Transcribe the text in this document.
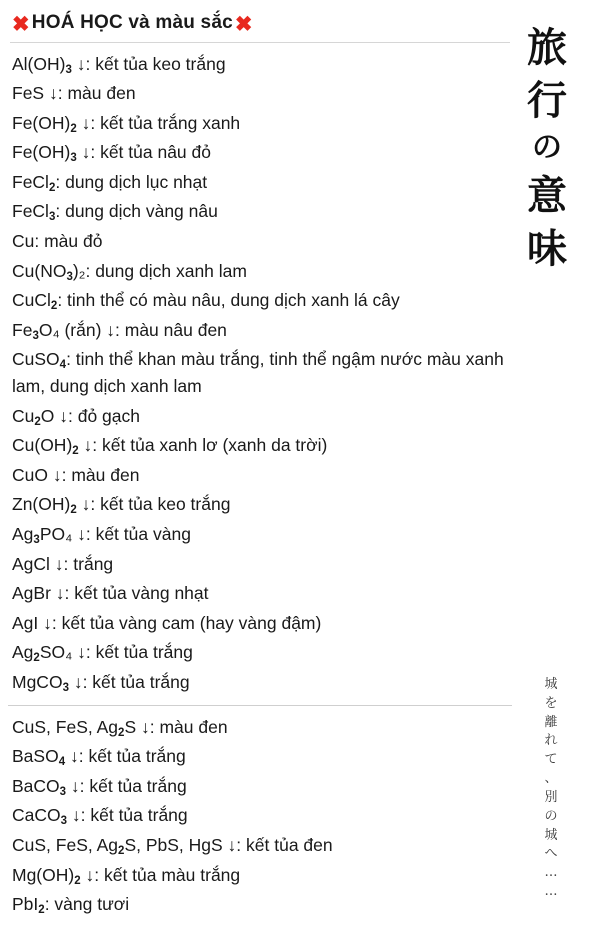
✖ HOÁ HỌC và màu sắc ✖
$Al(OH)_3$ ↓: kết tủa keo trắng
FeS ↓: màu đen
$Fe(OH)_2$ ↓: kết tủa trắng xanh
$Fe(OH)_3$ ↓: kết tủa nâu đỏ
FeCl$_2$: dung dịch lục nhạt
FeCl$_3$: dung dịch vàng nâu
Cu: màu đỏ
$Cu(NO_3)_2$: dung dịch xanh lam
CuCl$_2$: tinh thể có màu nâu, dung dịch xanh lá cây
$Fe_3O_4$ (rắn) ↓: màu nâu đen
CuSO$_4$: tinh thể khan màu trắng, tinh thể ngậm nước màu xanh lam, dung dịch xanh lam
$Cu_2O$ ↓: đỏ gạch
$Cu(OH)_2$ ↓: kết tủa xanh lơ (xanh da trời)
CuO ↓: màu đen
$Zn(OH)_2$ ↓: kết tủa keo trắng
$Ag_3PO_4$ ↓: kết tủa vàng
AgCl ↓: trắng
AgBr ↓: kết tủa vàng nhạt
AgI ↓: kết tủa vàng cam (hay vàng đậm)
$Ag_2SO_4$ ↓: kết tủa trắng
MgCO$_3$ ↓: kết tủa trắng
CuS, FeS, $Ag_2S$ ↓: màu đen
BaSO$_4$ ↓: kết tủa trắng
BaCO$_3$ ↓: kết tủa trắng
CaCO$_3$ ↓: kết tủa trắng
CuS, FeS, $Ag_2S$, PbS, HgS ↓: kết tủa đen
$Mg(OH)_2$ ↓: kết tủa màu trắng
PbI$_2$: vàng tươi
旅
行
の
意
味
城
を
離
れ
て
、
別
の
城
へ
…
…
